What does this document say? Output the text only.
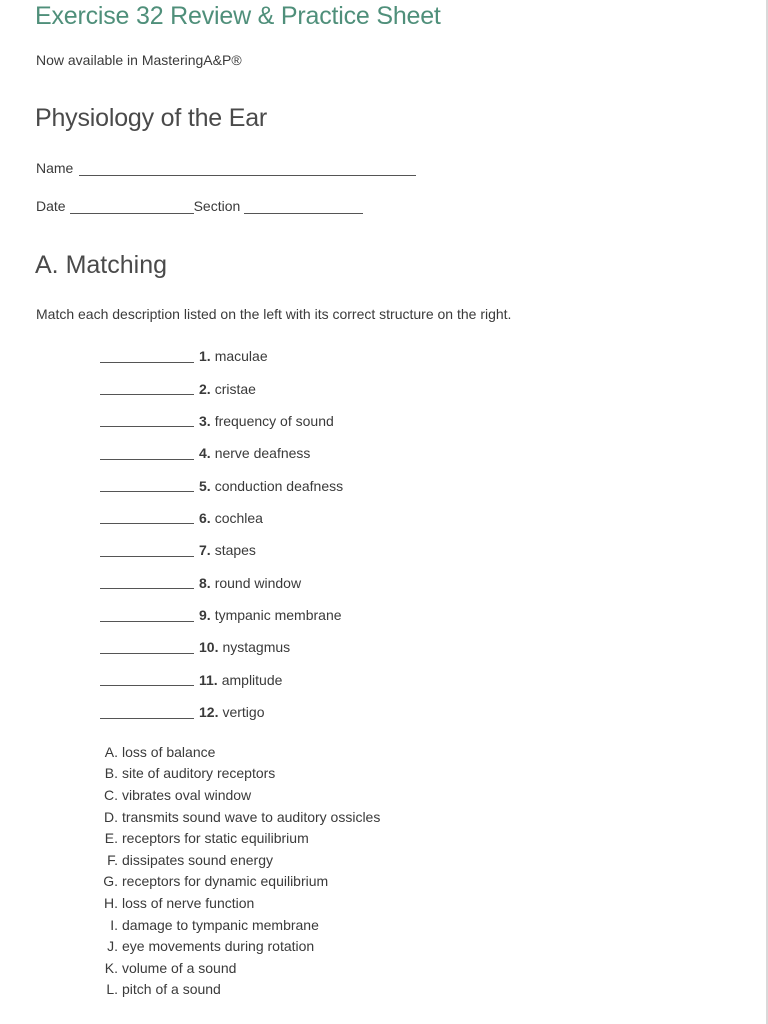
Exercise 32 Review & Practice Sheet
Now available in MasteringA&P®
Physiology of the Ear
Name
Date	Section
A. Matching
Match each description listed on the left with its correct structure on the right.
1. maculae
2. cristae
3. frequency of sound
4. nerve deafness
5. conduction deafness
6. cochlea
7. stapes
8. round window
9. tympanic membrane
10. nystagmus
11. amplitude
12. vertigo
A. loss of balance
B. site of auditory receptors
C. vibrates oval window
D. transmits sound wave to auditory ossicles
E. receptors for static equilibrium
F. dissipates sound energy
G. receptors for dynamic equilibrium
H. loss of nerve function
I. damage to tympanic membrane
J. eye movements during rotation
K. volume of a sound
L. pitch of a sound
